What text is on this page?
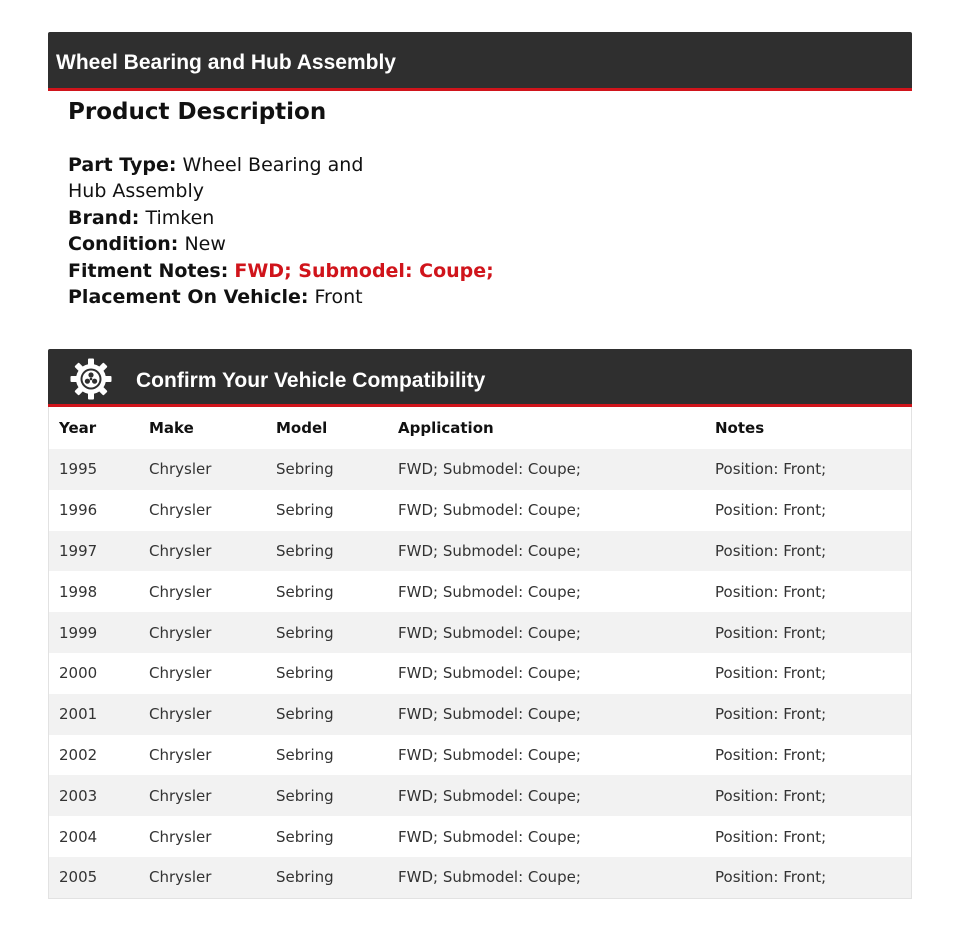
Wheel Bearing and Hub Assembly
Product Description
Part Type: Wheel Bearing and Hub Assembly
Brand: Timken
Condition: New
Fitment Notes: FWD; Submodel: Coupe;
Placement On Vehicle: Front
Confirm Your Vehicle Compatibility
Year	Make	Model	Application	Notes
1995	Chrysler	Sebring	FWD; Submodel: Coupe;	Position: Front;
1996	Chrysler	Sebring	FWD; Submodel: Coupe;	Position: Front;
1997	Chrysler	Sebring	FWD; Submodel: Coupe;	Position: Front;
1998	Chrysler	Sebring	FWD; Submodel: Coupe;	Position: Front;
1999	Chrysler	Sebring	FWD; Submodel: Coupe;	Position: Front;
2000	Chrysler	Sebring	FWD; Submodel: Coupe;	Position: Front;
2001	Chrysler	Sebring	FWD; Submodel: Coupe;	Position: Front;
2002	Chrysler	Sebring	FWD; Submodel: Coupe;	Position: Front;
2003	Chrysler	Sebring	FWD; Submodel: Coupe;	Position: Front;
2004	Chrysler	Sebring	FWD; Submodel: Coupe;	Position: Front;
2005	Chrysler	Sebring	FWD; Submodel: Coupe;	Position: Front;
